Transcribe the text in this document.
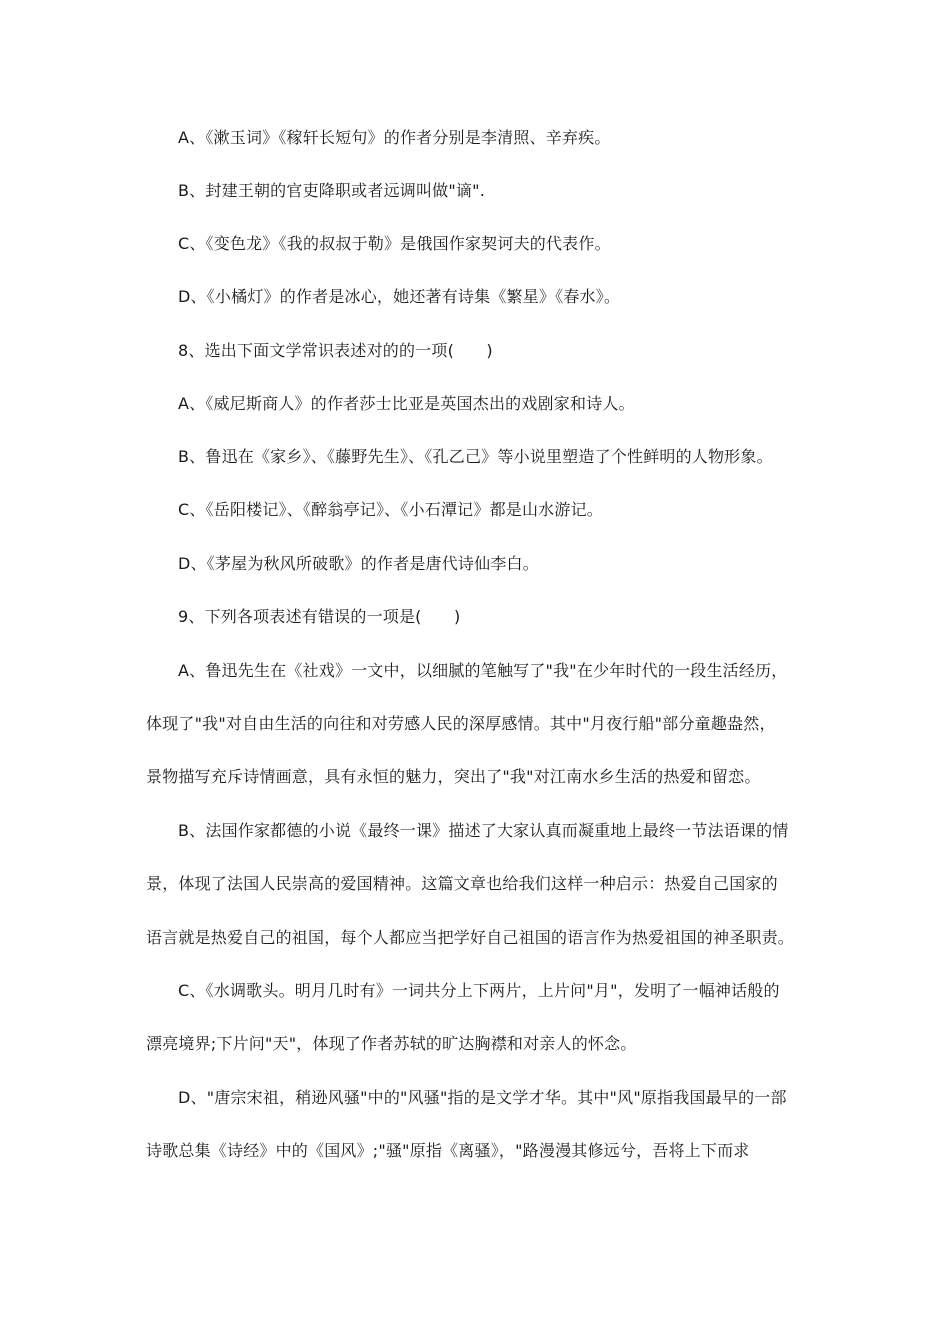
A、《漱玉词》《稼轩长短句》的作者分别是李清照、辛弃疾。
B、封建王朝的官吏降职或者远调叫做"谪".
C、《变色龙》《我的叔叔于勒》是俄国作家契诃夫的代表作。
D、《小橘灯》的作者是冰心，她还著有诗集《繁星》《春水》。
8、选出下面文学常识表述对的的一项(　　)
A、《威尼斯商人》的作者莎士比亚是英国杰出的戏剧家和诗人。
B、鲁迅在《家乡》、《藤野先生》、《孔乙己》等小说里塑造了个性鲜明的人物形象。
C、《岳阳楼记》、《醉翁亭记》、《小石潭记》都是山水游记。
D、《茅屋为秋风所破歌》的作者是唐代诗仙李白。
9、下列各项表述有错误的一项是(　　)
A、鲁迅先生在《社戏》一文中，以细腻的笔触写了"我"在少年时代的一段生活经历，
体现了"我"对自由生活的向往和对劳感人民的深厚感情。其中"月夜行船"部分童趣盎然，
景物描写充斥诗情画意，具有永恒的魅力，突出了"我"对江南水乡生活的热爱和留恋。
B、法国作家都德的小说《最终一课》描述了大家认真而凝重地上最终一节法语课的情
景，体现了法国人民崇高的爱国精神。这篇文章也给我们这样一种启示：热爱自己国家的
语言就是热爱自己的祖国，每个人都应当把学好自己祖国的语言作为热爱祖国的神圣职责。
C、《水调歌头。明月几时有》一词共分上下两片，上片问"月"，发明了一幅神话般的
漂亮境界;下片问"天"，体现了作者苏轼的旷达胸襟和对亲人的怀念。
D、"唐宗宋祖，稍逊风骚"中的"风骚"指的是文学才华。其中"风"原指我国最早的一部
诗歌总集《诗经》中的《国风》;"骚"原指《离骚》，"路漫漫其修远兮，吾将上下而求
